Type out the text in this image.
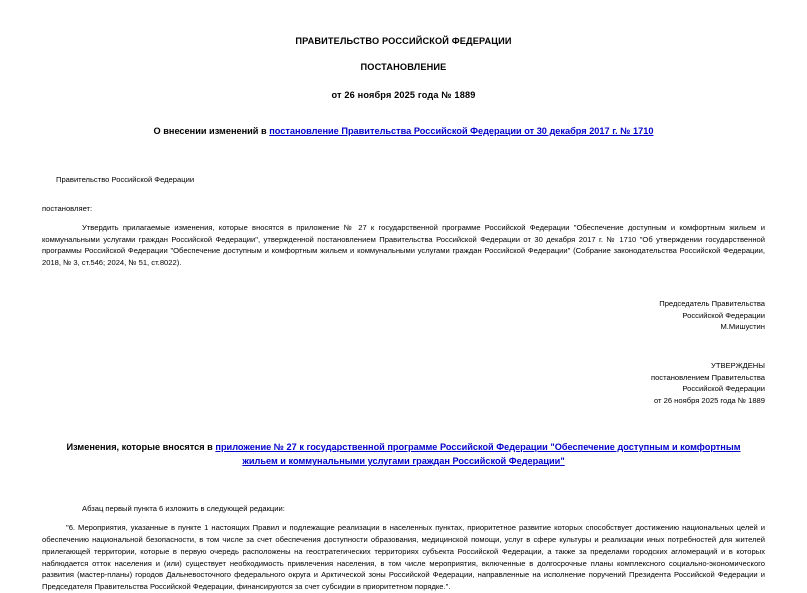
ПРАВИТЕЛЬСТВО РОССИЙСКОЙ ФЕДЕРАЦИИ
ПОСТАНОВЛЕНИЕ
от 26 ноября 2025 года № 1889
О внесении изменений в постановление Правительства Российской Федерации от 30 декабря 2017 г. № 1710
Правительство Российской Федерации
постановляет:
Утвердить прилагаемые изменения, которые вносятся в приложение № 27 к государственной программе Российской Федерации "Обеспечение доступным и комфортным жильем и коммунальными услугами граждан Российской Федерации", утвержденной постановлением Правительства Российской Федерации от 30 декабря 2017 г. № 1710 "Об утверждении государственной программы Российской Федерации "Обеспечение доступным и комфортным жильем и коммунальными услугами граждан Российской Федерации" (Собрание законодательства Российской Федерации, 2018, № 3, ст.546; 2024, № 51, ст.8022).
Председатель Правительства
Российской Федерации
М.Мишустин
УТВЕРЖДЕНЫ
постановлением Правительства
Российской Федерации
от 26 ноября 2025 года № 1889
Изменения, которые вносятся в приложение № 27 к государственной программе Российской Федерации "Обеспечение доступным и комфортным жильем и коммунальными услугами граждан Российской Федерации"
Абзац первый пункта 6 изложить в следующей редакции:
"6. Мероприятия, указанные в пункте 1 настоящих Правил и подлежащие реализации в населенных пунктах, приоритетное развитие которых способствует достижению национальных целей и обеспечению национальной безопасности, в том числе за счет обеспечения доступности образования, медицинской помощи, услуг в сфере культуры и реализации иных потребностей для жителей прилегающей территории, которые в первую очередь расположены на геостратегических территориях субъекта Российской Федерации, а также за пределами городских агломераций и в которых наблюдается отток населения и (или) существует необходимость привлечения населения, в том числе мероприятия, включенные в долгосрочные планы комплексного социально-экономического развития (мастер-планы) городов Дальневосточного федерального округа и Арктической зоны Российской Федерации, направленные на исполнение поручений Президента Российской Федерации и Председателя Правительства Российской Федерации, финансируются за счет субсидии в приоритетном порядке.".
